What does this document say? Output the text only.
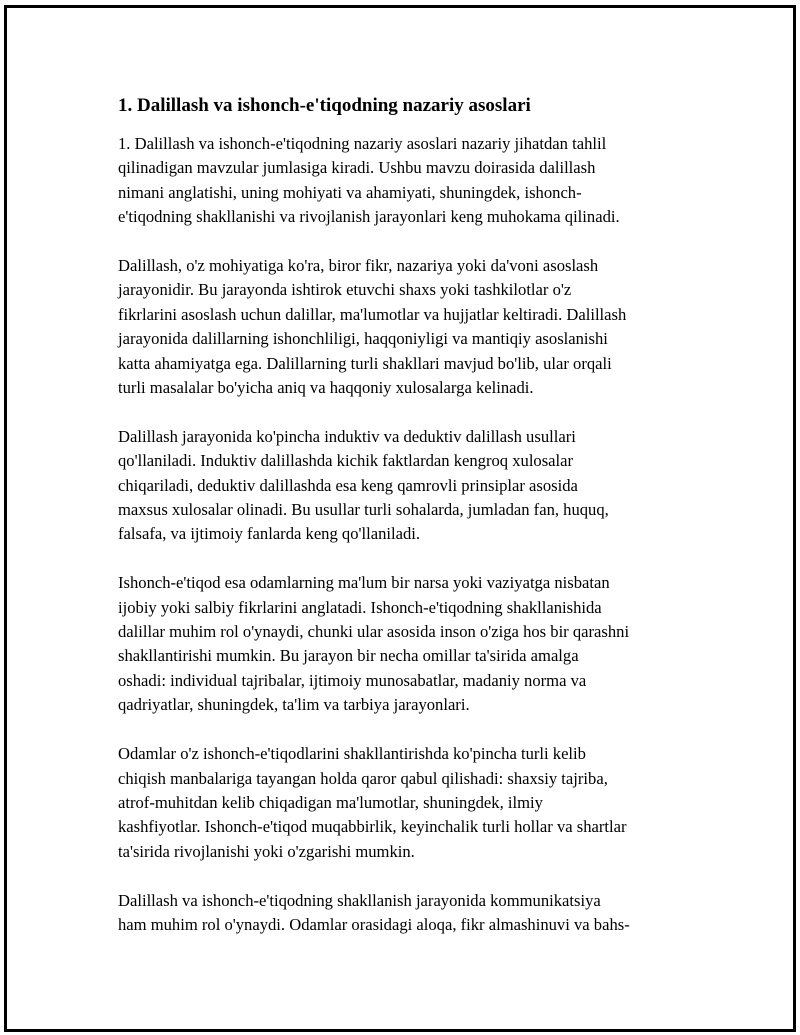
1. Dalillash va ishonch-e'tiqodning nazariy asoslari
1. Dalillash va ishonch-e'tiqodning nazariy asoslari nazariy jihatdan tahlil
qilinadigan mavzular jumlasiga kiradi. Ushbu mavzu doirasida dalillash
nimani anglatishi, uning mohiyati va ahamiyati, shuningdek, ishonch-
e'tiqodning shakllanishi va rivojlanish jarayonlari keng muhokama qilinadi.
Dalillash, o'z mohiyatiga ko'ra, biror fikr, nazariya yoki da'voni asoslash
jarayonidir. Bu jarayonda ishtirok etuvchi shaxs yoki tashkilotlar o'z
fikrlarini asoslash uchun dalillar, ma'lumotlar va hujjatlar keltiradi. Dalillash
jarayonida dalillarning ishonchliligi, haqqoniyligi va mantiqiy asoslanishi
katta ahamiyatga ega. Dalillarning turli shakllari mavjud bo'lib, ular orqali
turli masalalar bo'yicha aniq va haqqoniy xulosalarga kelinadi.
Dalillash jarayonida ko'pincha induktiv va deduktiv dalillash usullari
qo'llaniladi. Induktiv dalillashda kichik faktlardan kengroq xulosalar
chiqariladi, deduktiv dalillashda esa keng qamrovli prinsiplar asosida
maxsus xulosalar olinadi. Bu usullar turli sohalarda, jumladan fan, huquq,
falsafa, va ijtimoiy fanlarda keng qo'llaniladi.
Ishonch-e'tiqod esa odamlarning ma'lum bir narsa yoki vaziyatga nisbatan
ijobiy yoki salbiy fikrlarini anglatadi. Ishonch-e'tiqodning shakllanishida
dalillar muhim rol o'ynaydi, chunki ular asosida inson o'ziga hos bir qarashni
shakllantirishi mumkin. Bu jarayon bir necha omillar ta'sirida amalga
oshadi: individual tajribalar, ijtimoiy munosabatlar, madaniy norma va
qadriyatlar, shuningdek, ta'lim va tarbiya jarayonlari.
Odamlar o'z ishonch-e'tiqodlarini shakllantirishda ko'pincha turli kelib
chiqish manbalariga tayangan holda qaror qabul qilishadi: shaxsiy tajriba,
atrof-muhitdan kelib chiqadigan ma'lumotlar, shuningdek, ilmiy
kashfiyotlar. Ishonch-e'tiqod muqabbirlik, keyinchalik turli hollar va shartlar
ta'sirida rivojlanishi yoki o'zgarishi mumkin.
Dalillash va ishonch-e'tiqodning shakllanish jarayonida kommunikatsiya
ham muhim rol o'ynaydi. Odamlar orasidagi aloqa, fikr almashinuvi va bahs-
